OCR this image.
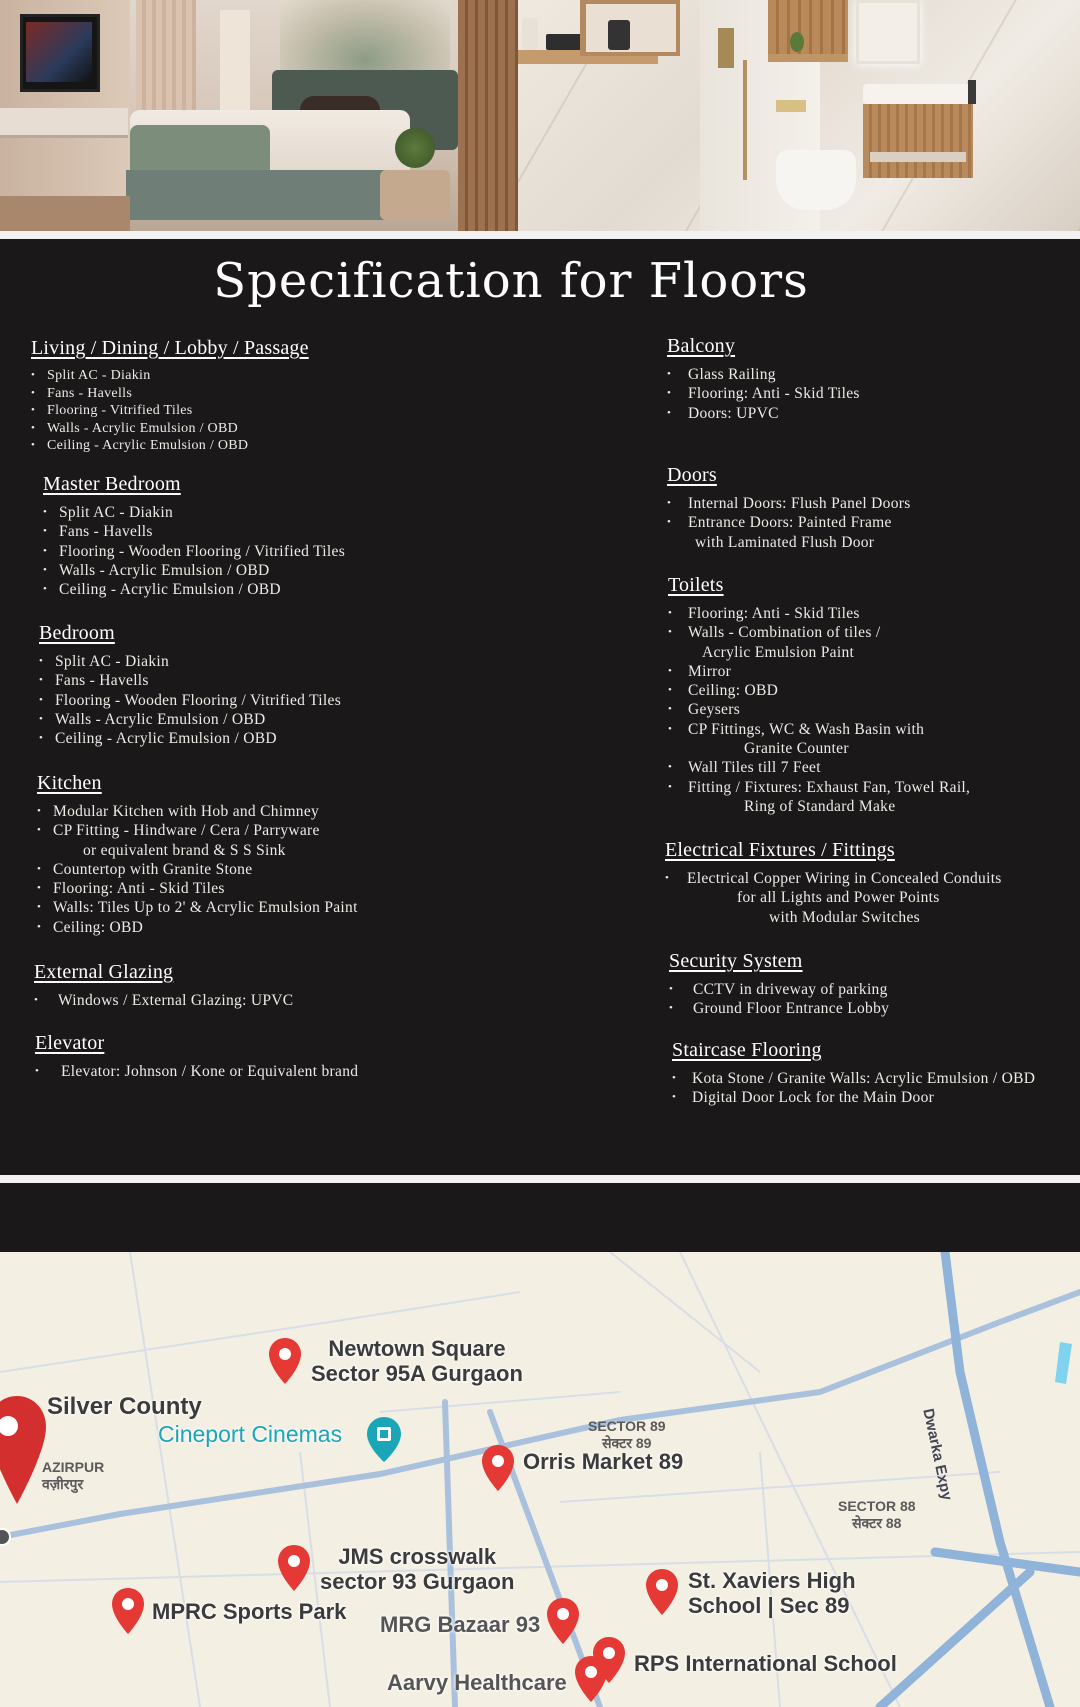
Specification for Floors
Living / Dining / Lobby / Passage
• Split AC - Diakin
• Fans - Havells
• Flooring - Vitrified Tiles
• Walls - Acrylic Emulsion / OBD
• Ceiling - Acrylic Emulsion / OBD
Master Bedroom
• Split AC - Diakin
• Fans - Havells
• Flooring - Wooden Flooring / Vitrified Tiles
• Walls - Acrylic Emulsion / OBD
• Ceiling - Acrylic Emulsion / OBD
Bedroom
• Split AC - Diakin
• Fans - Havells
• Flooring - Wooden Flooring / Vitrified Tiles
• Walls - Acrylic Emulsion / OBD
• Ceiling - Acrylic Emulsion / OBD
Kitchen
• Modular Kitchen with Hob and Chimney
• CP Fitting - Hindware / Cera / Parryware
or equivalent brand & S S Sink
• Countertop with Granite Stone
• Flooring: Anti - Skid Tiles
• Walls: Tiles Up to 2' & Acrylic Emulsion Paint
• Ceiling: OBD
External Glazing
• Windows / External Glazing: UPVC
Elevator
• Elevator: Johnson / Kone or Equivalent brand
Balcony
• Glass Railing
• Flooring: Anti - Skid Tiles
• Doors: UPVC
Doors
• Internal Doors: Flush Panel Doors
• Entrance Doors: Painted Frame
with Laminated Flush Door
Toilets
• Flooring: Anti - Skid Tiles
• Walls - Combination of tiles /
Acrylic Emulsion Paint
• Mirror
• Ceiling: OBD
• Geysers
• CP Fittings, WC & Wash Basin with
Granite Counter
• Wall Tiles till 7 Feet
• Fitting / Fixtures: Exhaust Fan, Towel Rail,
Ring of Standard Make
Electrical Fixtures / Fittings
• Electrical Copper Wiring in Concealed Conduits
for all Lights and Power Points
with Modular Switches
Security System
• CCTV in driveway of parking
• Ground Floor Entrance Lobby
Staircase Flooring
• Kota Stone / Granite Walls: Acrylic Emulsion / OBD
• Digital Door Lock for the Main Door
Newtown Square
Sector 95A Gurgaon
Silver County
Cineport Cinemas
Orris Market 89
JMS crosswalk
sector 93 Gurgaon
MPRC Sports Park
MRG Bazaar 93
St. Xaviers High
School | Sec 89
RPS International School
Aarvy Healthcare
SECTOR 89
सेक्टर 89
SECTOR 88
सेक्टर 88
AZIRPUR
वज़ीरपुर	Dwarka Expy
